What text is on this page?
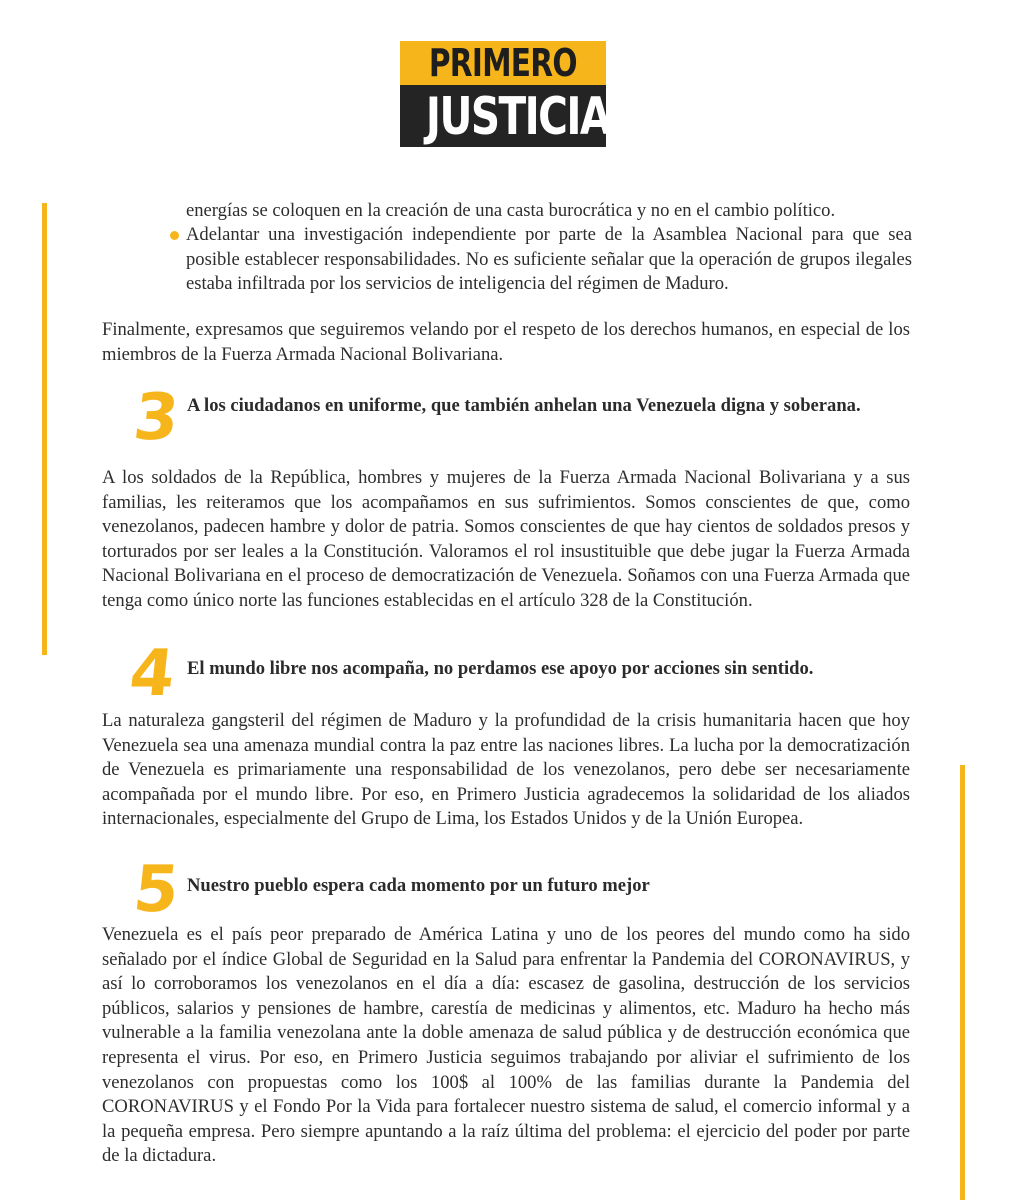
PRIMERO
JUSTICIA

energías se coloquen en la creación de una casta burocrática y no en el cambio político.

Adelantar una investigación independiente por parte de la Asamblea Nacional para que sea posible establecer responsabilidades. No es suficiente señalar que la operación de grupos ilegales estaba infiltrada por los servicios de inteligencia del régimen de Maduro.

Finalmente, expresamos que seguiremos velando por el respeto de los derechos humanos, en especial de los miembros de la Fuerza Armada Nacional Bolivariana.

3 A los ciudadanos en uniforme, que también anhelan una Venezuela digna y soberana.

A los soldados de la República, hombres y mujeres de la Fuerza Armada Nacional Bolivariana y a sus familias, les reiteramos que los acompañamos en sus sufrimientos. Somos conscientes de que, como venezolanos, padecen hambre y dolor de patria. Somos conscientes de que hay cientos de soldados presos y torturados por ser leales a la Constitución. Valoramos el rol insustituible que debe jugar la Fuerza Armada Nacional Bolivariana en el proceso de democratización de Venezuela. Soñamos con una Fuerza Armada que tenga como único norte las funciones establecidas en el artículo 328 de la Constitución.

4 El mundo libre nos acompaña, no perdamos ese apoyo por acciones sin sentido.

La naturaleza gangsteril del régimen de Maduro y la profundidad de la crisis humanitaria hacen que hoy Venezuela sea una amenaza mundial contra la paz entre las naciones libres. La lucha por la democratización de Venezuela es primariamente una responsabilidad de los venezolanos, pero debe ser necesariamente acompañada por el mundo libre. Por eso, en Primero Justicia agradecemos la solidaridad de los aliados internacionales, especialmente del Grupo de Lima, los Estados Unidos y de la Unión Europea.

5 Nuestro pueblo espera cada momento por un futuro mejor

Venezuela es el país peor preparado de América Latina y uno de los peores del mundo como ha sido señalado por el índice Global de Seguridad en la Salud para enfrentar la Pandemia del CORONAVIRUS, y así lo corroboramos los venezolanos en el día a día: escasez de gasolina, destrucción de los servicios públicos, salarios y pensiones de hambre, carestía de medicinas y alimentos, etc. Maduro ha hecho más vulnerable a la familia venezolana ante la doble amenaza de salud pública y de destrucción económica que representa el virus. Por eso, en Primero Justicia seguimos trabajando por aliviar el sufrimiento de los venezolanos con propuestas como los 100$ al 100% de las familias durante la Pandemia del CORONAVIRUS y el Fondo Por la Vida para fortalecer nuestro sistema de salud, el comercio informal y a la pequeña empresa. Pero siempre apuntando a la raíz última del problema: el ejercicio del poder por parte de la dictadura.
